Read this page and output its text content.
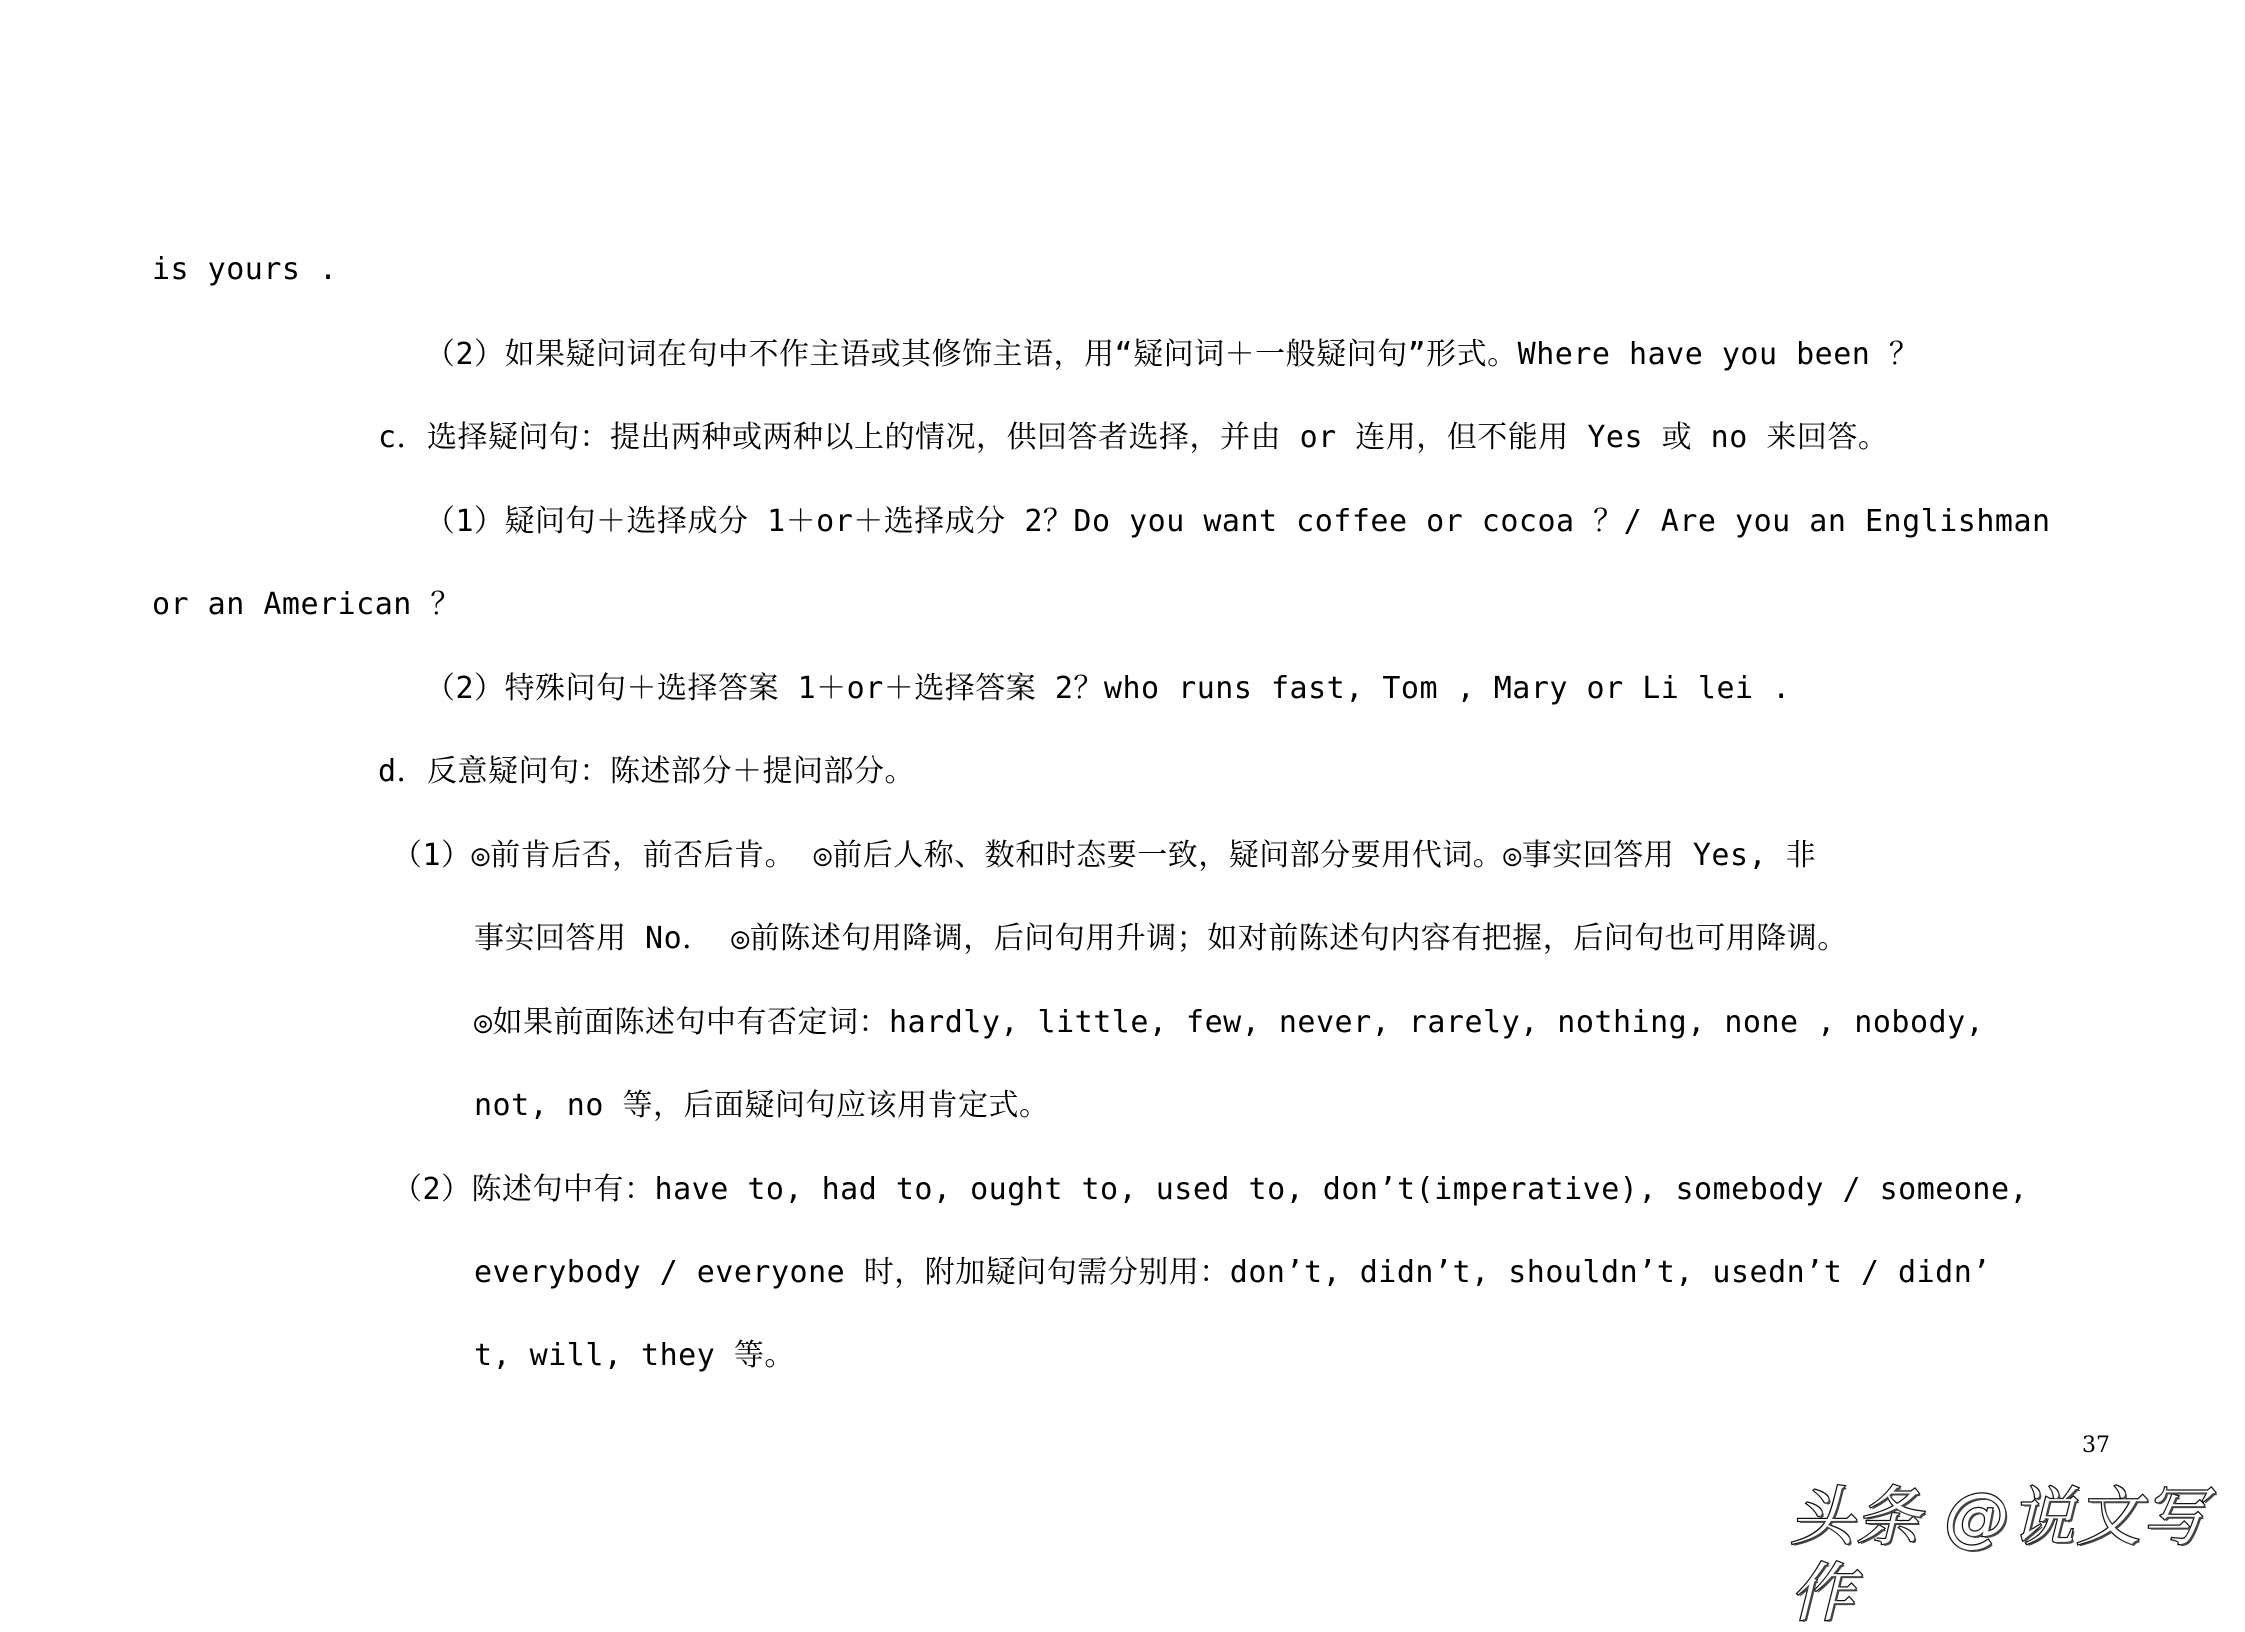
is yours .
（2）如果疑问词在句中不作主语或其修饰主语，用“疑问词＋一般疑问句”形式。Where have you been ？
c．选择疑问句：提出两种或两种以上的情况，供回答者选择，并由 or 连用，但不能用 Yes 或 no 来回答。
（1）疑问句＋选择成分 1＋or＋选择成分 2？Do you want coffee or cocoa ？/ Are you an Englishman
or an American ？
（2）特殊问句＋选择答案 1＋or＋选择答案 2？who runs fast, Tom , Mary or Li lei .
d．反意疑问句：陈述部分＋提问部分。
（1）◎前肯后否，前否后肯。 ◎前后人称、数和时态要一致，疑问部分要用代词。◎事实回答用 Yes, 非
事实回答用 No． ◎前陈述句用降调，后问句用升调；如对前陈述句内容有把握，后问句也可用降调。
◎如果前面陈述句中有否定词：hardly, little, few, never, rarely, nothing, none , nobody,
not, no 等，后面疑问句应该用肯定式。
（2）陈述句中有：have to, had to, ought to, used to, don’t(imperative), somebody / someone,
everybody / everyone 时，附加疑问句需分别用：don’t, didn’t, shouldn’t, usedn’t / didn’
t, will, they 等。
37
头条 @说文写作
